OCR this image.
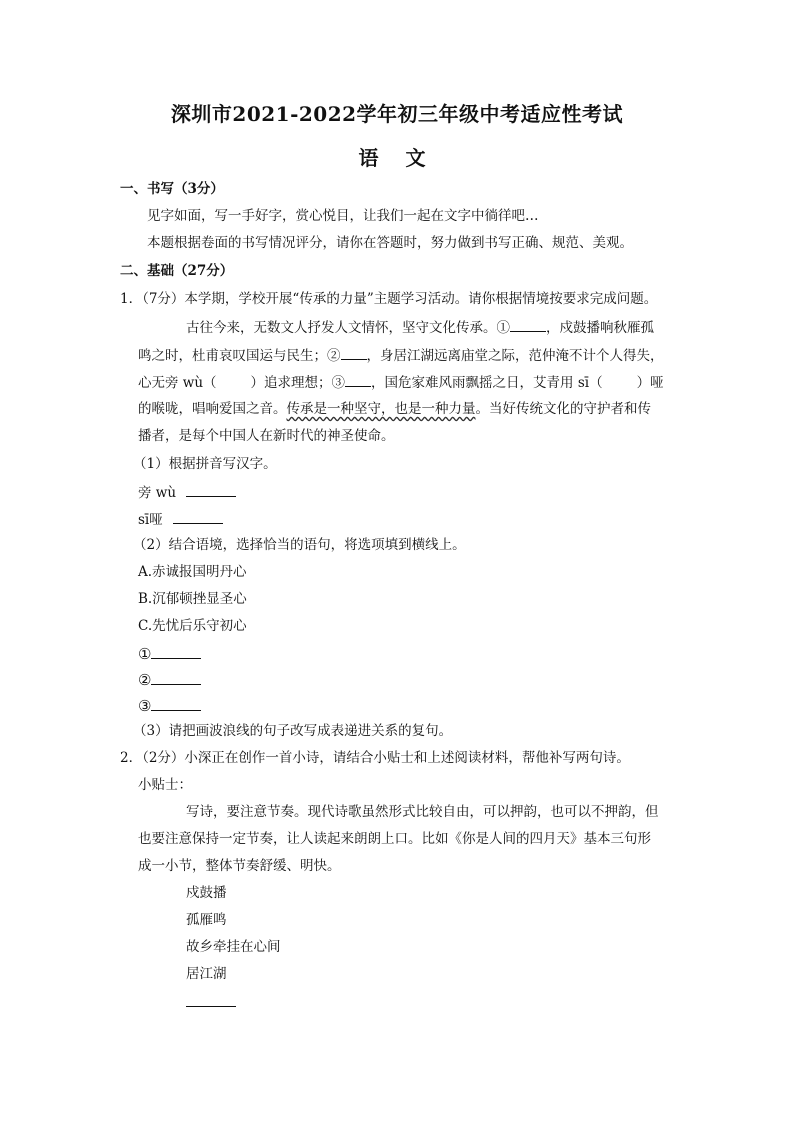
深圳市2021-2022学年初三年级中考适应性考试
语 文
一、书写（3分）
见字如面，写一手好字，赏心悦目，让我们一起在文字中徜徉吧…
本题根据卷面的书写情况评分，请你在答题时，努力做到书写正确、规范、美观。
二、基础（27分）
1．（7分）本学期，学校开展“传承的力量”主题学习活动。请你根据情境按要求完成问题。
古往今来，无数文人抒发人文情怀，坚守文化传承。①	，戍鼓播响秋雁孤
鸣之时，杜甫哀叹国运与民生；② ，身居江湖远离庙堂之际，范仲淹不计个人得失，
心无旁 wù（	）追求理想；③ ，国危家难风雨飘摇之日，艾青用 sī（	）哑
的喉咙，唱响爱国之音。传承是一种坚守，也是一种力量。当好传统文化的守护者和传
播者，是每个中国人在新时代的神圣使命。
（1）根据拼音写汉字。
旁 wù
sī哑
（2）结合语境，选择恰当的语句，将选项填到横线上。
A.赤诚报国明丹心
B.沉郁顿挫显圣心
C.先忧后乐守初心
①
②
③
（3）请把画波浪线的句子改写成表递进关系的复句。
2．（2分）小深正在创作一首小诗，请结合小贴士和上述阅读材料，帮他补写两句诗。
小贴士：
写诗，要注意节奏。现代诗歌虽然形式比较自由，可以押韵，也可以不押韵，但
也要注意保持一定节奏，让人读起来朗朗上口。比如《你是人间的四月天》基本三句形
成一小节，整体节奏舒缓、明快。
戍鼓播
孤雁鸣
故乡牵挂在心间
居江湖
